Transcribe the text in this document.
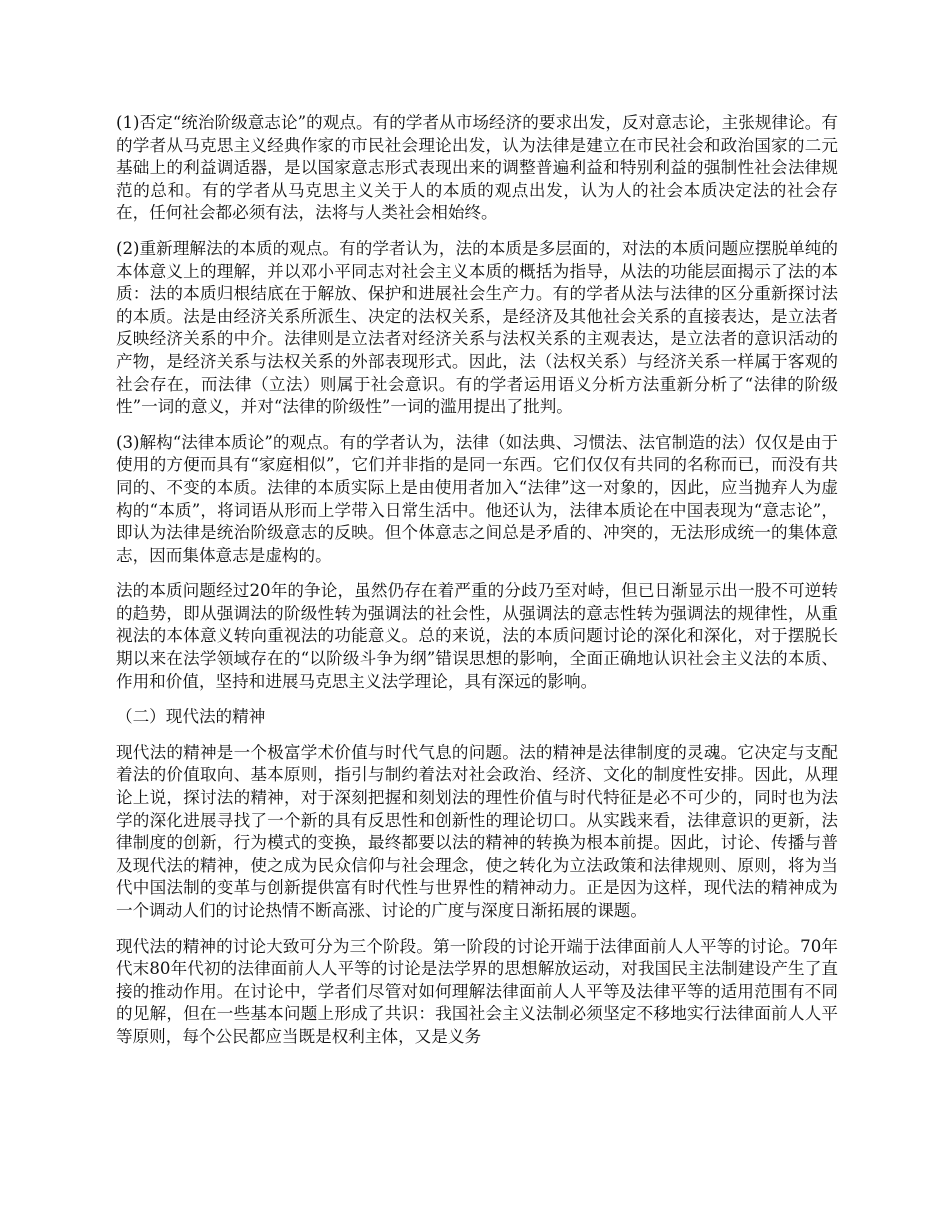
(1)否定“统治阶级意志论”的观点。有的学者从市场经济的要求出发，反对意志论，主张规律论。有的学者从马克思主义经典作家的市民社会理论出发，认为法律是建立在市民社会和政治国家的二元基础上的利益调适器，是以国家意志形式表现出来的调整普遍利益和特别利益的强制性社会法律规范的总和。有的学者从马克思主义关于人的本质的观点出发，认为人的社会本质决定法的社会存在，任何社会都必须有法，法将与人类社会相始终。

(2)重新理解法的本质的观点。有的学者认为，法的本质是多层面的，对法的本质问题应摆脱单纯的本体意义上的理解，并以邓小平同志对社会主义本质的概括为指导，从法的功能层面揭示了法的本质：法的本质归根结底在于解放、保护和进展社会生产力。有的学者从法与法律的区分重新探讨法的本质。法是由经济关系所派生、决定的法权关系，是经济及其他社会关系的直接表达，是立法者反映经济关系的中介。法律则是立法者对经济关系与法权关系的主观表达，是立法者的意识活动的产物，是经济关系与法权关系的外部表现形式。因此，法（法权关系）与经济关系一样属于客观的社会存在，而法律（立法）则属于社会意识。有的学者运用语义分析方法重新分析了“法律的阶级性”一词的意义，并对“法律的阶级性”一词的滥用提出了批判。

(3)解构“法律本质论”的观点。有的学者认为，法律（如法典、习惯法、法官制造的法）仅仅是由于使用的方便而具有“家庭相似”，它们并非指的是同一东西。它们仅仅有共同的名称而已，而没有共同的、不变的本质。法律的本质实际上是由使用者加入“法律”这一对象的，因此，应当抛弃人为虚构的“本质”，将词语从形而上学带入日常生活中。他还认为，法律本质论在中国表现为“意志论”，即认为法律是统治阶级意志的反映。但个体意志之间总是矛盾的、冲突的，无法形成统一的集体意志，因而集体意志是虚构的。

法的本质问题经过20年的争论，虽然仍存在着严重的分歧乃至对峙，但已日渐显示出一股不可逆转的趋势，即从强调法的阶级性转为强调法的社会性，从强调法的意志性转为强调法的规律性，从重视法的本体意义转向重视法的功能意义。总的来说，法的本质问题讨论的深化和深化，对于摆脱长期以来在法学领域存在的“以阶级斗争为纲”错误思想的影响，全面正确地认识社会主义法的本质、作用和价值，坚持和进展马克思主义法学理论，具有深远的影响。

（二）现代法的精神

现代法的精神是一个极富学术价值与时代气息的问题。法的精神是法律制度的灵魂。它决定与支配着法的价值取向、基本原则，指引与制约着法对社会政治、经济、文化的制度性安排。因此，从理论上说，探讨法的精神，对于深刻把握和刻划法的理性价值与时代特征是必不可少的，同时也为法学的深化进展寻找了一个新的具有反思性和创新性的理论切口。从实践来看，法律意识的更新，法律制度的创新，行为模式的变换，最终都要以法的精神的转换为根本前提。因此，讨论、传播与普及现代法的精神，使之成为民众信仰与社会理念，使之转化为立法政策和法律规则、原则，将为当代中国法制的变革与创新提供富有时代性与世界性的精神动力。正是因为这样，现代法的精神成为一个调动人们的讨论热情不断高涨、讨论的广度与深度日渐拓展的课题。

现代法的精神的讨论大致可分为三个阶段。第一阶段的讨论开端于法律面前人人平等的讨论。70年代末80年代初的法律面前人人平等的讨论是法学界的思想解放运动，对我国民主法制建设产生了直接的推动作用。在讨论中，学者们尽管对如何理解法律面前人人平等及法律平等的适用范围有不同的见解，但在一些基本问题上形成了共识：我国社会主义法制必须坚定不移地实行法律面前人人平等原则，每个公民都应当既是权利主体，又是义务
